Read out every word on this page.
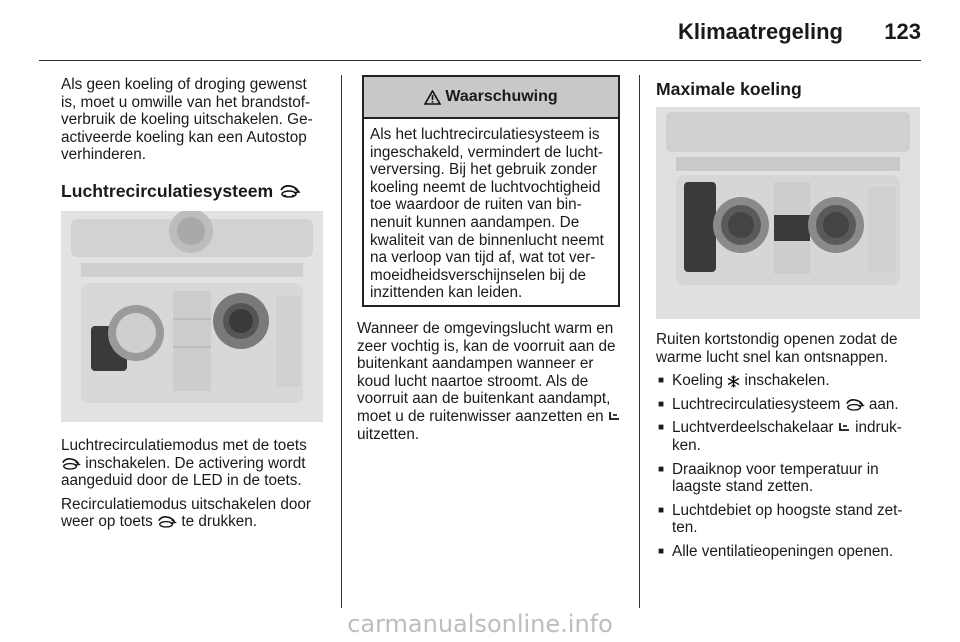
Klimaatregeling 123

Als geen koeling of droging gewenst is, moet u omwille van het brandstof-verbruik de koeling uitschakelen. Ge-activeerde koeling kan een Autostop verhinderen.

Luchtrecirculatiesysteem

Luchtrecirculatiemodus met de toets  inschakelen. De activering wordt aangeduid door de LED in de toets.

Recirculatiemodus uitschakelen door weer op toets te drukken.

Waarschuwing
Als het luchtrecirculatiesysteem is ingeschakeld, vermindert de lucht-verversing. Bij het gebruik zonder koeling neemt de luchtvochtigheid toe waardoor de ruiten van bin-nenuit kunnen aandampen. De kwaliteit van de binnenlucht neemt na verloop van tijd af, wat tot ver-moeidheidsverschijnselen bij de inzittenden kan leiden.

Wanneer de omgevingslucht warm en zeer vochtig is, kan de voorruit aan de buitenkant aandampen wanneer er koud lucht naartoe stroomt. Als de voorruit aan de buitenkant aandampt, moet u de ruitenwisser aanzetten en  uitzetten.

Maximale koeling

Ruiten kortstondig openen zodat de warme lucht snel kan ontsnappen.

■ Koeling inschakelen.
■ Luchtrecirculatiesysteem aan.
■ Luchtverdeelschakelaar indruk-ken.
■ Draaiknop voor temperatuur in laagste stand zetten.
■ Luchtdebiet op hoogste stand zet-ten.
■ Alle ventilatieopeningen openen.
carmanualsonline.info
